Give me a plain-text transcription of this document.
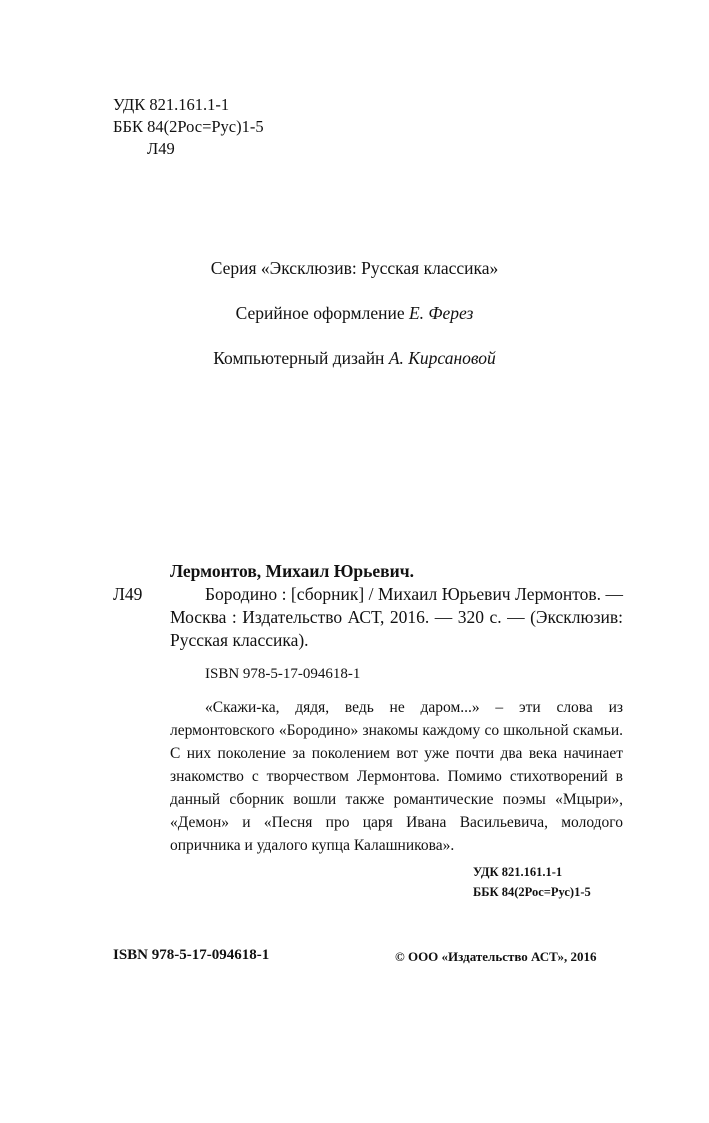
УДК 821.161.1-1
ББК 84(2Рос=Рус)1-5
Л49
Серия «Эксклюзив: Русская классика»
Серийное оформление Е. Ферез
Компьютерный дизайн А. Кирсановой
Л49
Лермонтов, Михаил Юрьевич.
Бородино : [сборник] / Михаил Юрьевич Лермонтов. — Москва : Издательство АСТ, 2016. — 320 с. — (Эксклюзив: Русская классика).
ISBN 978-5-17-094618-1
«Скажи-ка, дядя, ведь не даром...» – эти слова из лермонтовского «Бородино» знакомы каждому со школьной скамьи. С них поколение за поколением вот уже почти два века начинает знакомство с творчеством Лермонтова. Помимо стихотворений в данный сборник вошли также романтические поэмы «Мцыри», «Демон» и «Песня про царя Ивана Васильевича, молодого опричника и удалого купца Калашникова».
УДК 821.161.1-1
ББК 84(2Рос=Рус)1-5
ISBN 978-5-17-094618-1	© ООО «Издательство АСТ», 2016
